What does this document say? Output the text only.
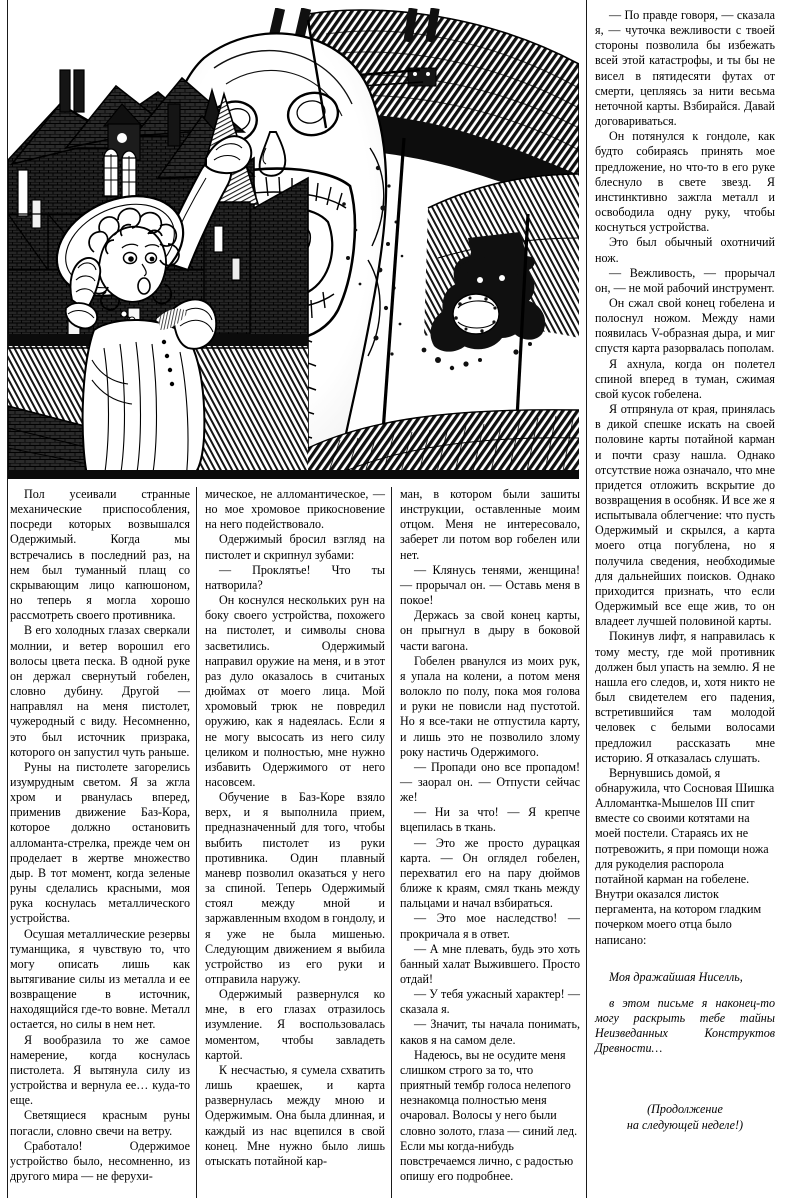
Пол усеивали странные механические приспособления, посреди которых возвышался Одержимый. Когда мы встречались в последний раз, на нем был туманный плащ со скрывающим лицо капюшоном, но теперь я могла хорошо рассмотреть своего противника.

В его холодных глазах сверкали молнии, и ветер ворошил его волосы цвета песка. В одной руке он держал свернутый гобелен, словно дубину. Другой — направлял на меня пистолет, чужеродный с виду. Несомненно, это был источник призрака, которого он запустил чуть раньше.

Руны на пистолете загорелись изумрудным светом. Я за жгла хром и рванулась вперед, применив движение Баз-Кора, которое должно остановить алломанта-стрелка, прежде чем он проделает в жертве множество дыр. В тот момент, когда зеленые руны сделались красными, моя рука коснулась металлического устройства.

Осушая металлические резервы туманщика, я чувствую то, что могу описать лишь как вытягивание силы из металла и ее возвращение в источник, находящийся где-то вовне. Металл остается, но силы в нем нет.

Я вообразила то же самое намерение, когда коснулась пистолета. Я вытянула силу из устройства и вернула ее… куда-то еще.

Светящиеся красным руны погасли, словно свечи на ветру.

Сработало! Одержимое устройство было, несомненно, из другого мира — не ферухи-

мическое, не алломантическое, — но мое хромовое прикосновение на него подействовало.

Одержимый бросил взгляд на пистолет и скрипнул зубами:

— Проклятье! Что ты натворила?

Он коснулся нескольких рун на боку своего устройства, похожего на пистолет, и символы снова засветились. Одержимый направил оружие на меня, и в этот раз дуло оказалось в считаных дюймах от моего лица. Мой хромовый трюк не повредил оружию, как я надеялась. Если я не могу высосать из него силу целиком и полностью, мне нужно избавить Одержимого от него насовсем.

Обучение в Баз-Коре взяло верх, и я выполнила прием, предназначенный для того, чтобы выбить пистолет из руки противника. Один плавный маневр позволил оказаться у него за спиной. Теперь Одержимый стоял между мной и заржавленным входом в гондолу, и я уже не была мишенью. Следующим движением я выбила устройство из его руки и отправила наружу.

Одержимый развернулся ко мне, в его глазах отразилось изумление. Я воспользовалась моментом, чтобы завладеть картой.

К несчастью, я сумела схватить лишь краешек, и карта развернулась между мною и Одержимым. Она была длинная, и каждый из нас вцепился в свой конец. Мне нужно было лишь отыскать потайной кар-

ман, в котором были зашиты инструкции, оставленные моим отцом. Меня не интересовало, заберет ли потом вор гобелен или нет.

— Клянусь тенями, женщина! — прорычал он. — Оставь меня в покое!

Держась за свой конец карты, он прыгнул в дыру в боковой части вагона.

Гобелен рванулся из моих рук, я упала на колени, а потом меня волокло по полу, пока моя голова и руки не повисли над пустотой. Но я все-таки не отпустила карту, и лишь это не позволило злому року настичь Одержимого.

— Пропади оно все пропадом! — заорал он. — Отпусти сейчас же!

— Ни за что! — Я крепче вцепилась в ткань.

— Это же просто дурацкая карта. — Он оглядел гобелен, перехватил его на пару дюймов ближе к краям, смял ткань между пальцами и начал взбираться.

— Это мое наследство! — прокричала я в ответ.

— А мне плевать, будь это хоть банный халат Выжившего. Просто отдай!

— У тебя ужасный характер! — сказала я.

— Значит, ты начала понимать, каков я на самом деле.

Надеюсь, вы не осудите меня слишком строго за то, что приятный тембр голоса нелепого незнакомца полностью меня очаровал. Волосы у него были словно золото, глаза — синий лед. Если мы когда-нибудь повстречаемся лично, с радостью опишу его подробнее.

— По правде говоря, — сказала я, — чуточка вежливости с твоей стороны позволила бы избежать всей этой катастрофы, и ты бы не висел в пятидесяти футах от смерти, цепляясь за нити весьма неточной карты. Взбирайся. Давай договариваться.

Он потянулся к гондоле, как будто собираясь принять мое предложение, но что-то в его руке блеснуло в свете звезд. Я инстинктивно зажгла металл и освободила одну руку, чтобы коснуться устройства.

Это был обычный охотничий нож.

— Вежливость, — прорычал он, — не мой рабочий инструмент.

Он сжал свой конец гобелена и полоснул ножом. Между нами появилась V-образная дыра, и миг спустя карта разорвалась пополам.

Я ахнула, когда он полетел спиной вперед в туман, сжимая свой кусок гобелена.

Я отпрянула от края, принялась в дикой спешке искать на своей половине карты потайной карман и почти сразу нашла. Однако отсутствие ножа означало, что мне придется отложить вскрытие до возвращения в особняк. И все же я испытывала облегчение: что пусть Одержимый и скрылся, а карта моего отца погублена, но я получила сведения, необходимые для дальнейших поисков. Однако приходится признать, что если Одержимый все еще жив, то он владеет лучшей половиной карты.

Покинув лифт, я направилась к тому месту, где мой противник должен был упасть на землю. Я не нашла его следов, и, хотя никто не был свидетелем его падения, встретившийся там молодой человек с белыми волосами предложил рассказать мне историю. Я отказалась слушать.

Вернувшись домой, я обнаружила, что Сосновая Шишка Алломантка-Мышелов III спит вместе со своими котятами на моей постели. Стараясь их не потревожить, я при помощи ножа для рукоделия распорола потайной карман на гобелене. Внутри оказался листок пергамента, на котором гладким почерком моего отца было написано:

Моя дражайшая Ниселль,

в этом письме я наконец-то могу раскрыть тебе тайны Неизведанных Конструктов Древности…

(Продолжение
на следующей неделе!)
